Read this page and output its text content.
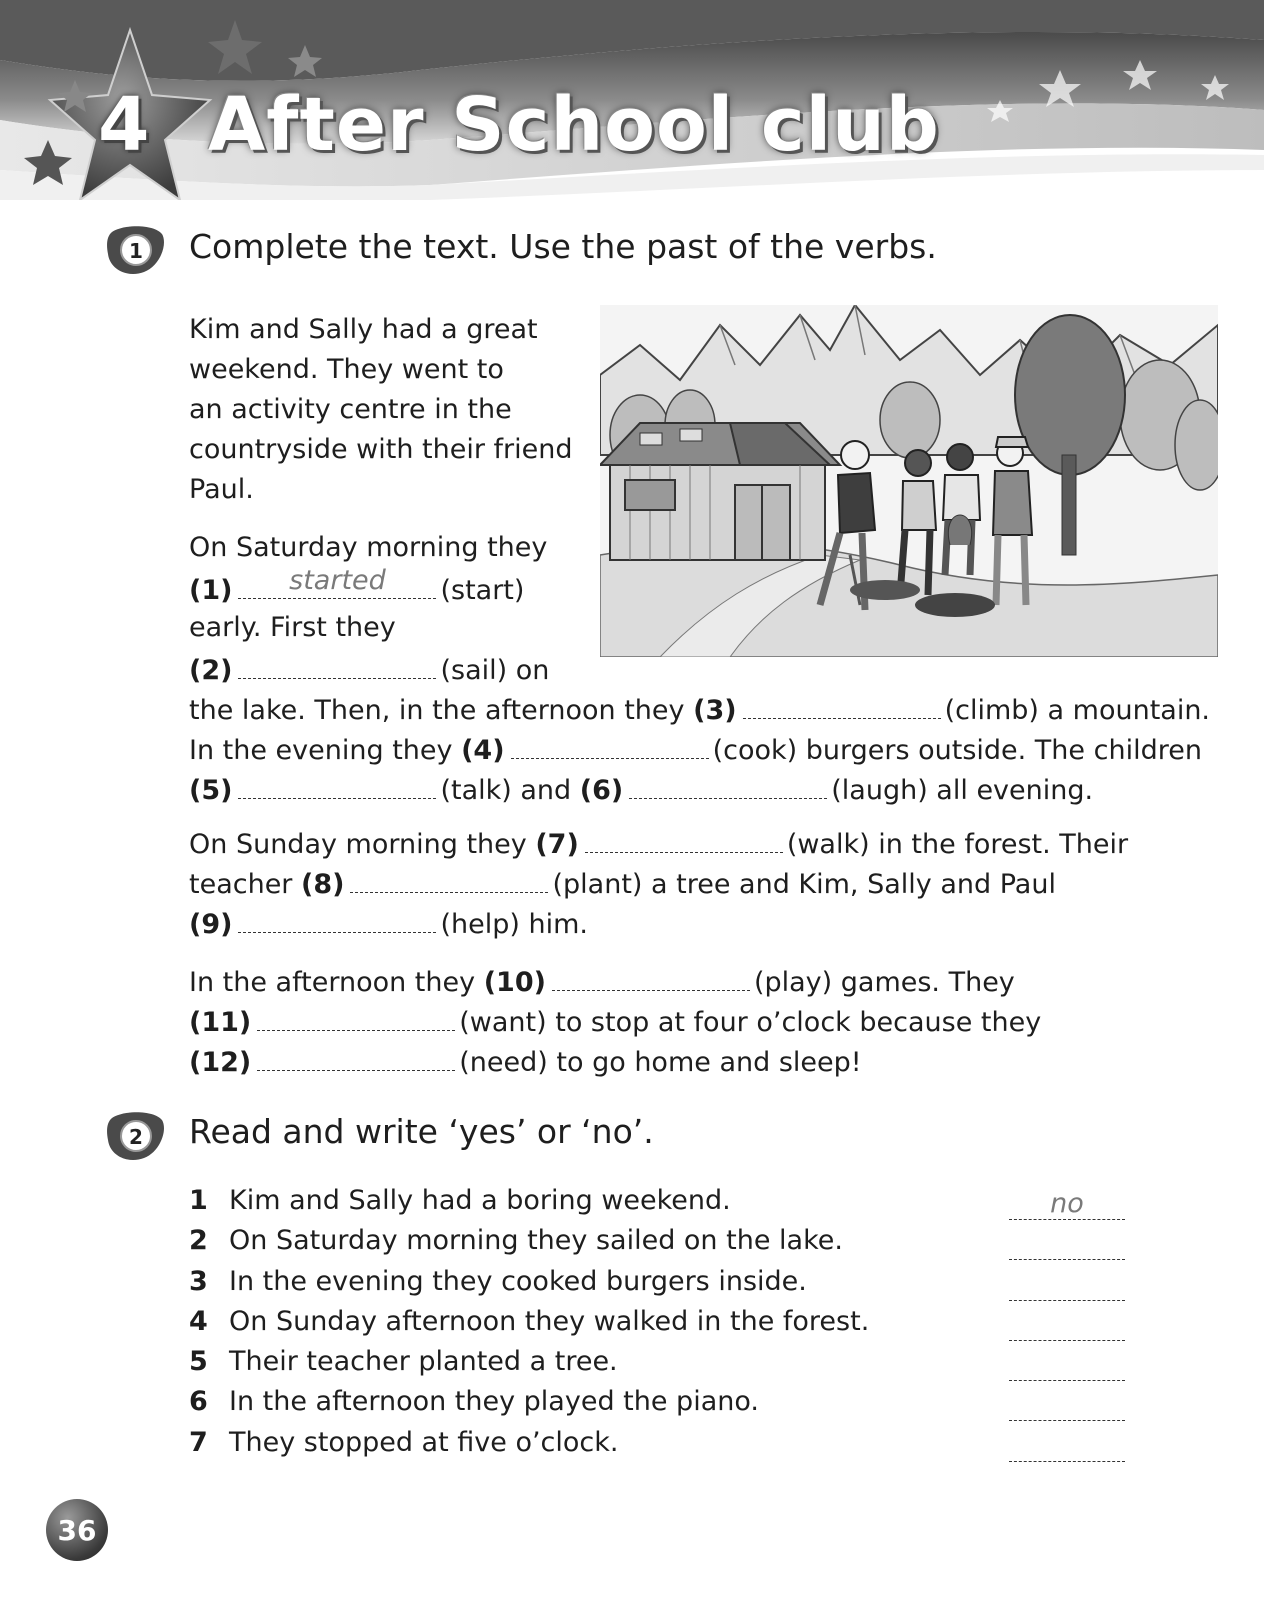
4 After School club
1 Complete the text. Use the past of the verbs.
Kim and Sally had a great
weekend. They went to
an activity centre in the
countryside with their friend
Paul.
On Saturday morning they
(1)	started	(start)
early. First they
(2)	(sail) on
the lake. Then, in the afternoon they (3)	(climb) a mountain.
In the evening they (4)	(cook) burgers outside. The children
(5)	(talk) and (6)	(laugh) all evening.
On Sunday morning they (7)	(walk) in the forest. Their
teacher (8)	(plant) a tree and Kim, Sally and Paul
(9)	(help) him.
In the afternoon they (10)	(play) games. They
(11)	(want) to stop at four o’clock because they
(12)	(need) to go home and sleep!
2 Read and write ‘yes’ or ‘no’.
1 Kim and Sally had a boring weekend.	no
2 On Saturday morning they sailed on the lake.
3 In the evening they cooked burgers inside.
4 On Sunday afternoon they walked in the forest.
5 Their teacher planted a tree.
6 In the afternoon they played the piano.
7 They stopped at five o’clock.
36
